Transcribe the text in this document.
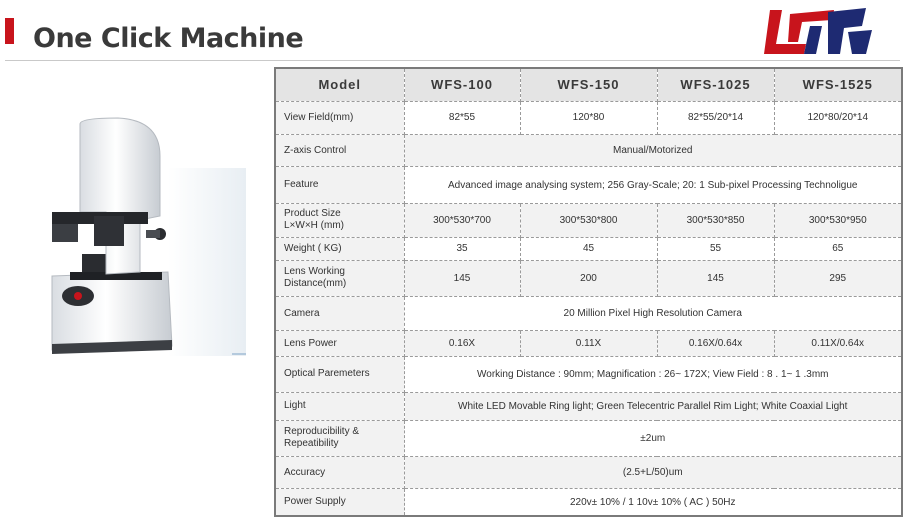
One Click Machine
Model	WFS-100	WFS-150	WFS-1025	WFS-1525
View Field(mm)	82*55	120*80	82*55/20*14	120*80/20*14
Z-axis Control	Manual/Motorized			
Feature	Advanced image analysing system; 256 Gray-Scale; 20: 1 Sub-pixel Processing Technoligue			

Product Size
L×W×H (mm)	300*530*700	300*530*800	300*530*850	300*530*950
Weight ( KG)	35	45	55	65

Lens Working
Distance(mm)	145	200	145	295
Camera	20 Million Pixel High Resolution Camera			
Lens Power	0.16X	0.11X	0.16X/0.64x	0.11X/0.64x
Optical Paremeters	Working Distance : 90mm; Magnification : 26~ 172X; View Field : 8 . 1~ 1 .3mm			
Light	White LED Movable Ring light; Green Telecentric Parallel Rim Light; White Coaxial Light			

Reproducibility &
Repeatibility	±2um			
Accuracy	(2.5+L/50)um			
Power Supply	220v± 10% / 1 10v± 10% ( AC ) 50Hz			
